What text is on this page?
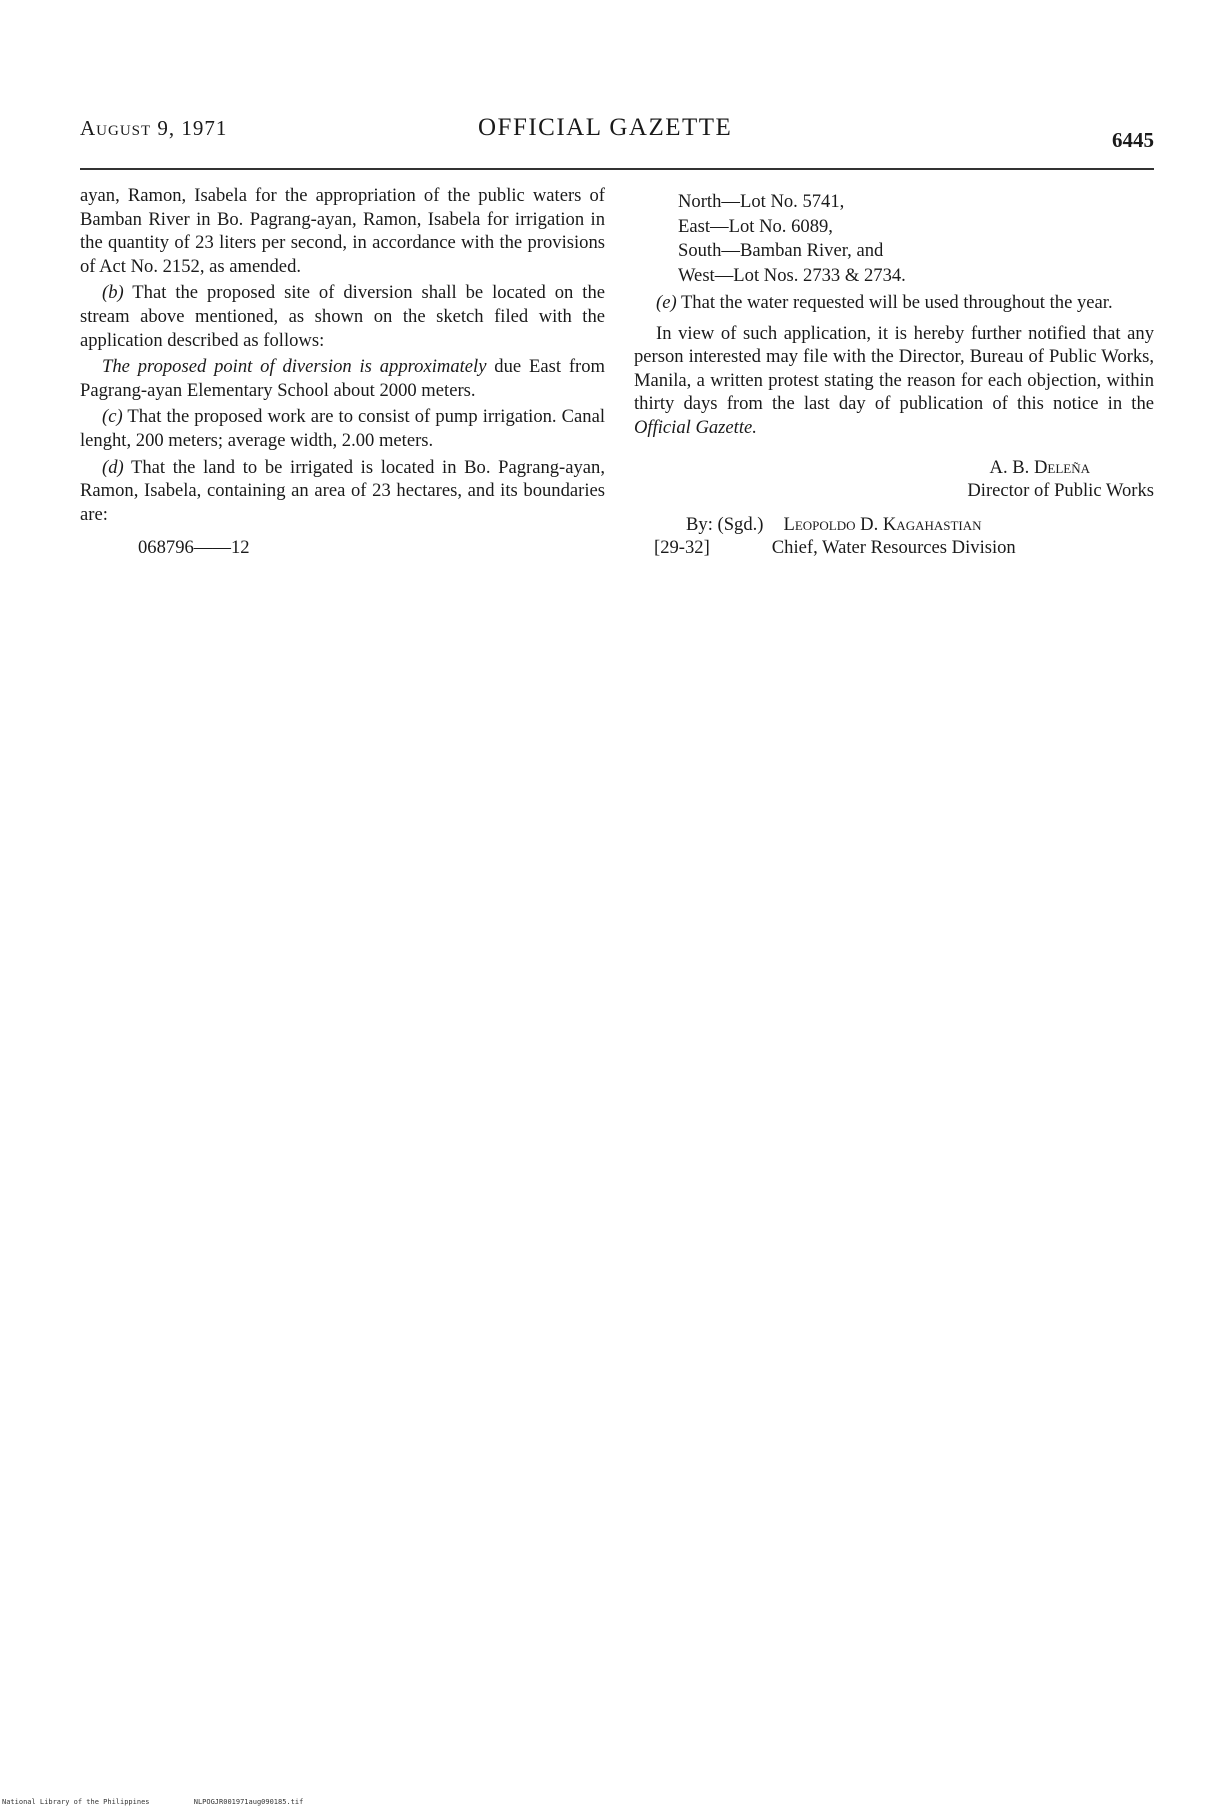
August 9, 1971	OFFICIAL GAZETTE	6445

ayan, Ramon, Isabela for the appropriation of the public waters of Bamban River in Bo. Pagrang-ayan, Ramon, Isabela for irrigation in the quantity of 23 liters per second, in accordance with the provisions of Act No. 2152, as amended.

(b) That the proposed site of diversion shall be located on the stream above mentioned, as shown on the sketch filed with the application described as follows:

The proposed point of diversion is approximately due East from Pagrang-ayan Elementary School about 2000 meters.

(c) That the proposed work are to consist of pump irrigation. Canal lenght, 200 meters; average width, 2.00 meters.

(d) That the land to be irrigated is located in Bo. Pagrang-ayan, Ramon, Isabela, containing an area of 23 hectares, and its boundaries are:

068796——12

North—Lot No. 5741,
East—Lot No. 6089,
South—Bamban River, and
West—Lot Nos. 2733 & 2734.

(e) That the water requested will be used throughout the year.

In view of such application, it is hereby further notified that any person interested may file with the Director, Bureau of Public Works, Manila, a written protest stating the reason for each objection, within thirty days from the last day of publication of this notice in the Official Gazette.

A. B. Deleña

Director of Public Works

By: (Sgd.) Leopoldo D. Kagahastian

[29-32]	Chief, Water Resources Division

National Library of the Philippines	NLPOGJR001971aug090185.tif
